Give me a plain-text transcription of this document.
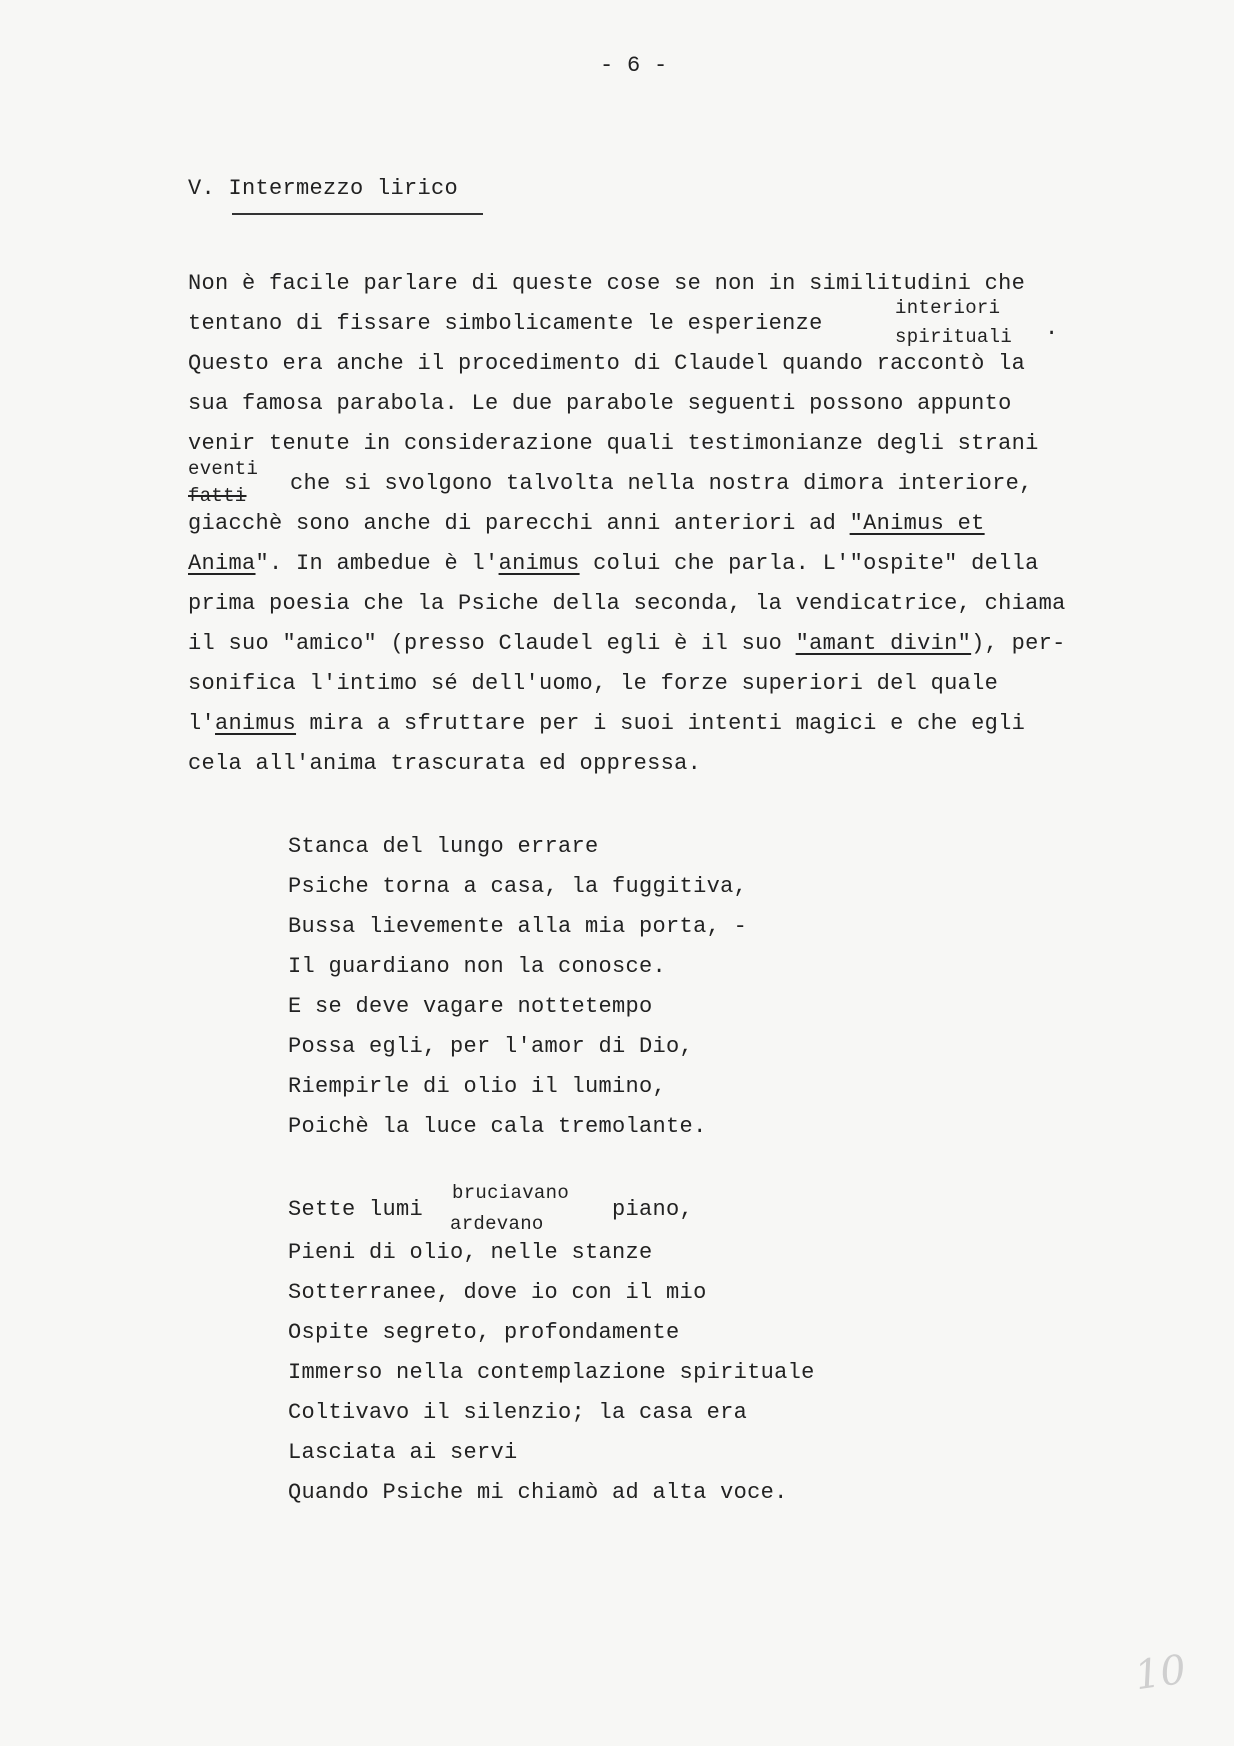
- 6 -
V. Intermezzo lirico
Non è facile parlare di queste cose se non in similitudini che
tentano di fissare simbolicamente le esperienze
interiori
spirituali .
Questo era anche il procedimento di Claudel quando raccontò la
sua famosa parabola. Le due parabole seguenti possono appunto
venir tenute in considerazione quali testimonianze degli strani
eventi
fatti che si svolgono talvolta nella nostra dimora interiore,
giacchè sono anche di parecchi anni anteriori ad "Animus et
Anima". In ambedue è l'animus colui che parla. L'"ospite" della
prima poesia che la Psiche della seconda, la vendicatrice, chiama
il suo "amico" (presso Claudel egli è il suo "amant divin"), per-
sonifica l'intimo sé dell'uomo, le forze superiori del quale
l'animus mira a sfruttare per i suoi intenti magici e che egli
cela all'anima trascurata ed oppressa.
Stanca del lungo errare
Psiche torna a casa, la fuggitiva,
Bussa lievemente alla mia porta, -
Il guardiano non la conosce.
E se deve vagare nottetempo
Possa egli, per l'amor di Dio,
Riempirle di olio il lumino,
Poichè la luce cala tremolante.
Sette lumi
bruciavano
ardevano
piano,
Pieni di olio, nelle stanze
Sotterranee, dove io con il mio
Ospite segreto, profondamente
Immerso nella contemplazione spirituale
Coltivavo il silenzio; la casa era
Lasciata ai servi
Quando Psiche mi chiamò ad alta voce.
10
